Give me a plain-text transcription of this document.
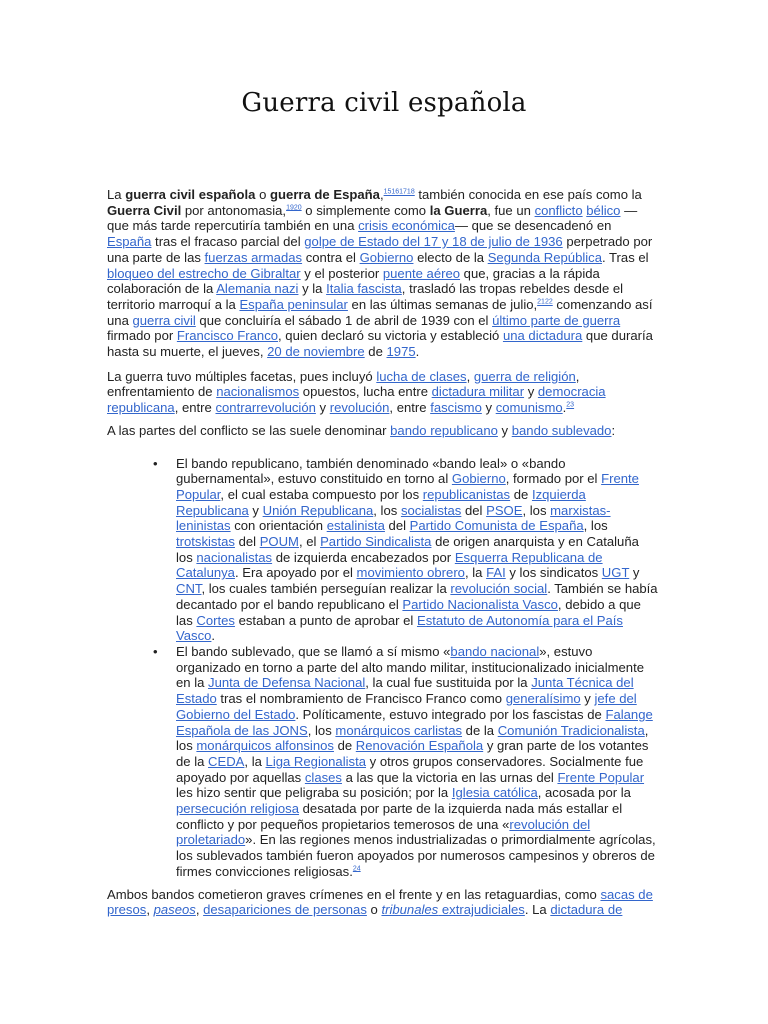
Guerra civil española

La guerra civil española o guerra de España,$^{15161718}$ también conocida en ese país como la Guerra Civil por antonomasia,$^{1920}$ o simplemente como la Guerra, fue un conflicto bélico —que más tarde repercutiría también en una crisis económica— que se desencadenó en España tras el fracaso parcial del golpe de Estado del 17 y 18 de julio de 1936 perpetrado por una parte de las fuerzas armadas contra el Gobierno electo de la Segunda República. Tras el bloqueo del estrecho de Gibraltar y el posterior puente aéreo que, gracias a la rápida colaboración de la Alemania nazi y la Italia fascista, trasladó las tropas rebeldes desde el territorio marroquí a la España peninsular en las últimas semanas de julio,$^{2122}$ comenzando así una guerra civil que concluiría el sábado 1 de abril de 1939 con el último parte de guerra firmado por Francisco Franco, quien declaró su victoria y estableció una dictadura que duraría hasta su muerte, el jueves, 20 de noviembre de 1975.

La guerra tuvo múltiples facetas, pues incluyó lucha de clases, guerra de religión, enfrentamiento de nacionalismos opuestos, lucha entre dictadura militar y democracia republicana, entre contrarrevolución y revolución, entre fascismo y comunismo.$^{23}$

A las partes del conflicto se las suele denominar bando republicano y bando sublevado:

• El bando republicano, también denominado «bando leal» o «bando gubernamental», estuvo constituido en torno al Gobierno, formado por el Frente Popular, el cual estaba compuesto por los republicanistas de Izquierda Republicana y Unión Republicana, los socialistas del PSOE, los marxistas-leninistas con orientación estalinista del Partido Comunista de España, los trotskistas del POUM, el Partido Sindicalista de origen anarquista y en Cataluña los nacionalistas de izquierda encabezados por Esquerra Republicana de Catalunya. Era apoyado por el movimiento obrero, la FAI y los sindicatos UGT y CNT, los cuales también perseguían realizar la revolución social. También se había decantado por el bando republicano el Partido Nacionalista Vasco, debido a que las Cortes estaban a punto de aprobar el Estatuto de Autonomía para el País Vasco.
• El bando sublevado, que se llamó a sí mismo «bando nacional», estuvo organizado en torno a parte del alto mando militar, institucionalizado inicialmente en la Junta de Defensa Nacional, la cual fue sustituida por la Junta Técnica del Estado tras el nombramiento de Francisco Franco como generalísimo y jefe del Gobierno del Estado. Políticamente, estuvo integrado por los fascistas de Falange Española de las JONS, los monárquicos carlistas de la Comunión Tradicionalista, los monárquicos alfonsinos de Renovación Española y gran parte de los votantes de la CEDA, la Liga Regionalista y otros grupos conservadores. Socialmente fue apoyado por aquellas clases a las que la victoria en las urnas del Frente Popular les hizo sentir que peligraba su posición; por la Iglesia católica, acosada por la persecución religiosa desatada por parte de la izquierda nada más estallar el conflicto y por pequeños propietarios temerosos de una «revolución del proletariado». En las regiones menos industrializadas o primordialmente agrícolas, los sublevados también fueron apoyados por numerosos campesinos y obreros de firmes convicciones religiosas.$^{24}$

Ambos bandos cometieron graves crímenes en el frente y en las retaguardias, como sacas de presos, paseos, desapariciones de personas o tribunales extrajudiciales. La dictadura de
